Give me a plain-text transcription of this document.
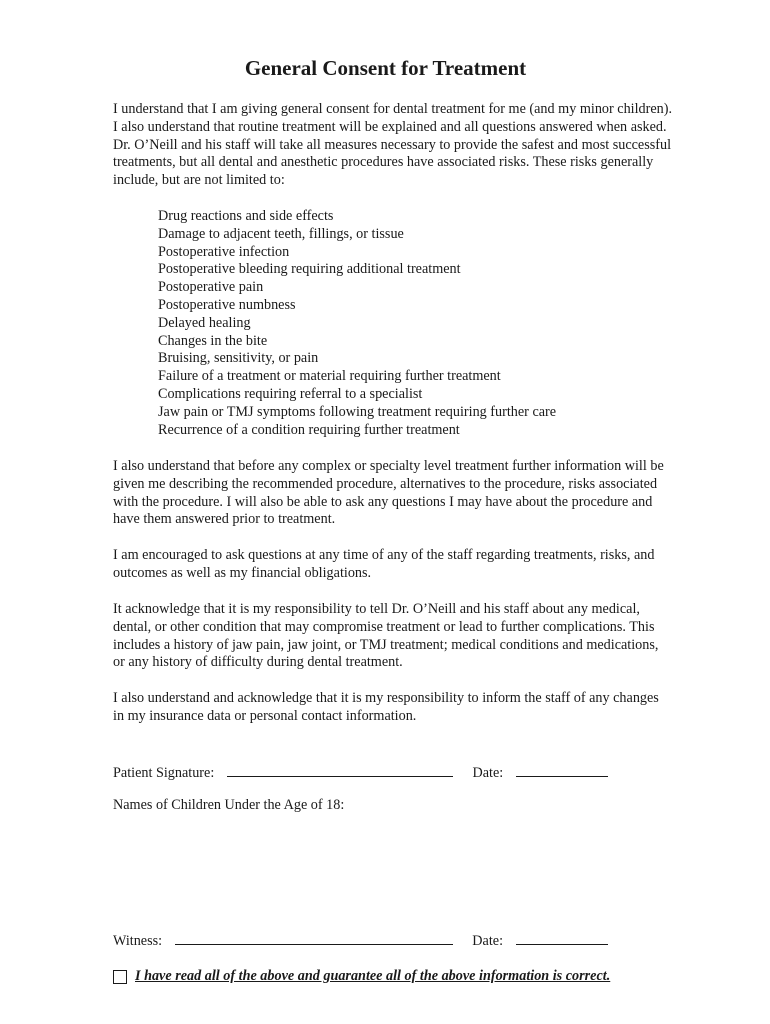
General Consent for Treatment

I understand that I am giving general consent for dental treatment for me (and my minor children). I also understand that routine treatment will be explained and all questions answered when asked. Dr. O’Neill and his staff will take all measures necessary to provide the safest and most successful treatments, but all dental and anesthetic procedures have associated risks. These risks generally include, but are not limited to:

Drug reactions and side effects
Damage to adjacent teeth, fillings, or tissue
Postoperative infection
Postoperative bleeding requiring additional treatment
Postoperative pain
Postoperative numbness
Delayed healing
Changes in the bite
Bruising, sensitivity, or pain
Failure of a treatment or material requiring further treatment
Complications requiring referral to a specialist
Jaw pain or TMJ symptoms following treatment requiring further care
Recurrence of a condition requiring further treatment

I also understand that before any complex or specialty level treatment further information will be given me describing the recommended procedure, alternatives to the procedure, risks associated with the procedure. I will also be able to ask any questions I may have about the procedure and have them answered prior to treatment.

I am encouraged to ask questions at any time of any of the staff regarding treatments, risks, and outcomes as well as my financial obligations.

It acknowledge that it is my responsibility to tell Dr. O’Neill and his staff about any medical, dental, or other condition that may compromise treatment or lead to further complications. This includes a history of jaw pain, jaw joint, or TMJ treatment; medical conditions and medications, or any history of difficulty during dental treatment.

I also understand and acknowledge that it is my responsibility to inform the staff of any changes in my insurance data or personal contact information.

Patient Signature:	Date:
Names of Children Under the Age of 18:
Witness:	Date:
I have read all of the above and guarantee all of the above information is correct.
